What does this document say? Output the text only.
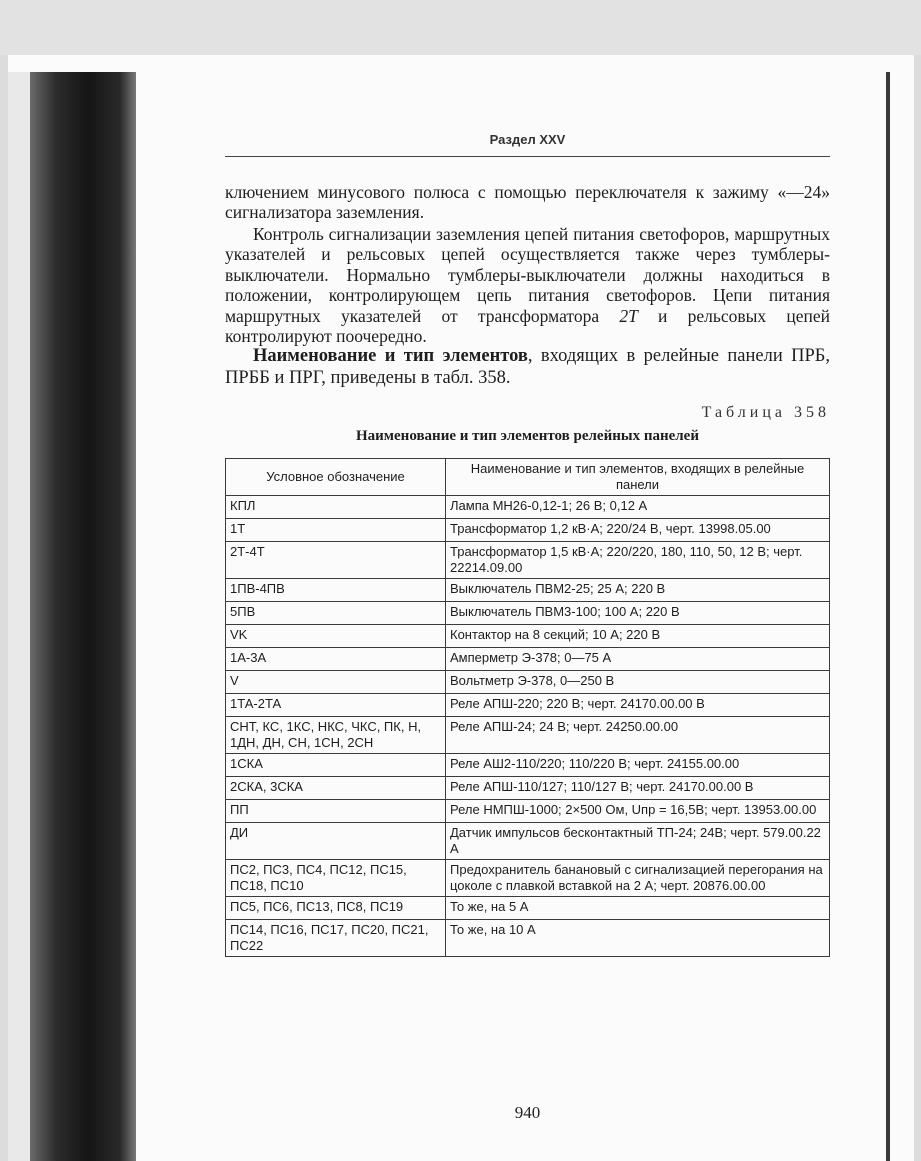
Раздел XXV

ключением минусового полюса с помощью переключателя к зажиму «—24» сигнализатора заземления.

Контроль сигнализации заземления цепей питания светофоров, маршрутных указателей и рельсовых цепей осуществляется также через тумблеры-выключатели. Нормально тумблеры-выключатели должны находиться в положении, контролирующем цепь питания светофоров. Цепи питания маршрутных указателей от трансформатора 2Т и рельсовых цепей контролируют поочередно.

Наименование и тип элементов, входящих в релейные панели ПРБ, ПРББ и ПРГ, приведены в табл. 358.

Таблица 358
Наименование и тип элементов релейных панелей
Условное обозначение	Наименование и тип элементов, входящих в релейные панели
КПЛ	Лампа МН26-0,12-1; 26 В; 0,12 А
1Т	Трансформатор 1,2 кВ·А; 220/24 В, черт. 13998.05.00
2Т-4Т	Трансформатор 1,5 кВ·А; 220/220, 180, 110, 50, 12 В; черт. 22214.09.00
1ПВ-4ПВ	Выключатель ПВМ2-25; 25 А; 220 В
5ПВ	Выключатель ПВМ3-100; 100 А; 220 В
VK	Контактор на 8 секций; 10 А; 220 В
1А-3А	Амперметр Э-378; 0—75 А
V	Вольтметр Э-378, 0—250 В
1ТА-2ТА	Реле АПШ-220; 220 В; черт. 24170.00.00 В
СНТ, КС, 1КС, НКС, ЧКС, ПК, Н, 1ДН, ДН, СН, 1СН, 2СН	Реле АПШ-24; 24 В; черт. 24250.00.00
1СКА	Реле АШ2-110/220; 110/220 В; черт. 24155.00.00
2СКА, 3СКА	Реле АПШ-110/127; 110/127 В; черт. 24170.00.00 В
ПП	Реле НМПШ-1000; 2×500 Ом, Uпр = 16,5В; черт. 13953.00.00
ДИ	Датчик импульсов бесконтактный ТП-24; 24В; черт. 579.00.22 А
ПС2, ПС3, ПС4, ПС12, ПС15, ПС18, ПС10	Предохранитель банановый с сигнализацией перегорания на цоколе с плавкой вставкой на 2 А; черт. 20876.00.00
ПС5, ПС6, ПС13, ПС8, ПС19	То же, на 5 А
ПС14, ПС16, ПС17, ПС20, ПС21, ПС22	То же, на 10 А
940
